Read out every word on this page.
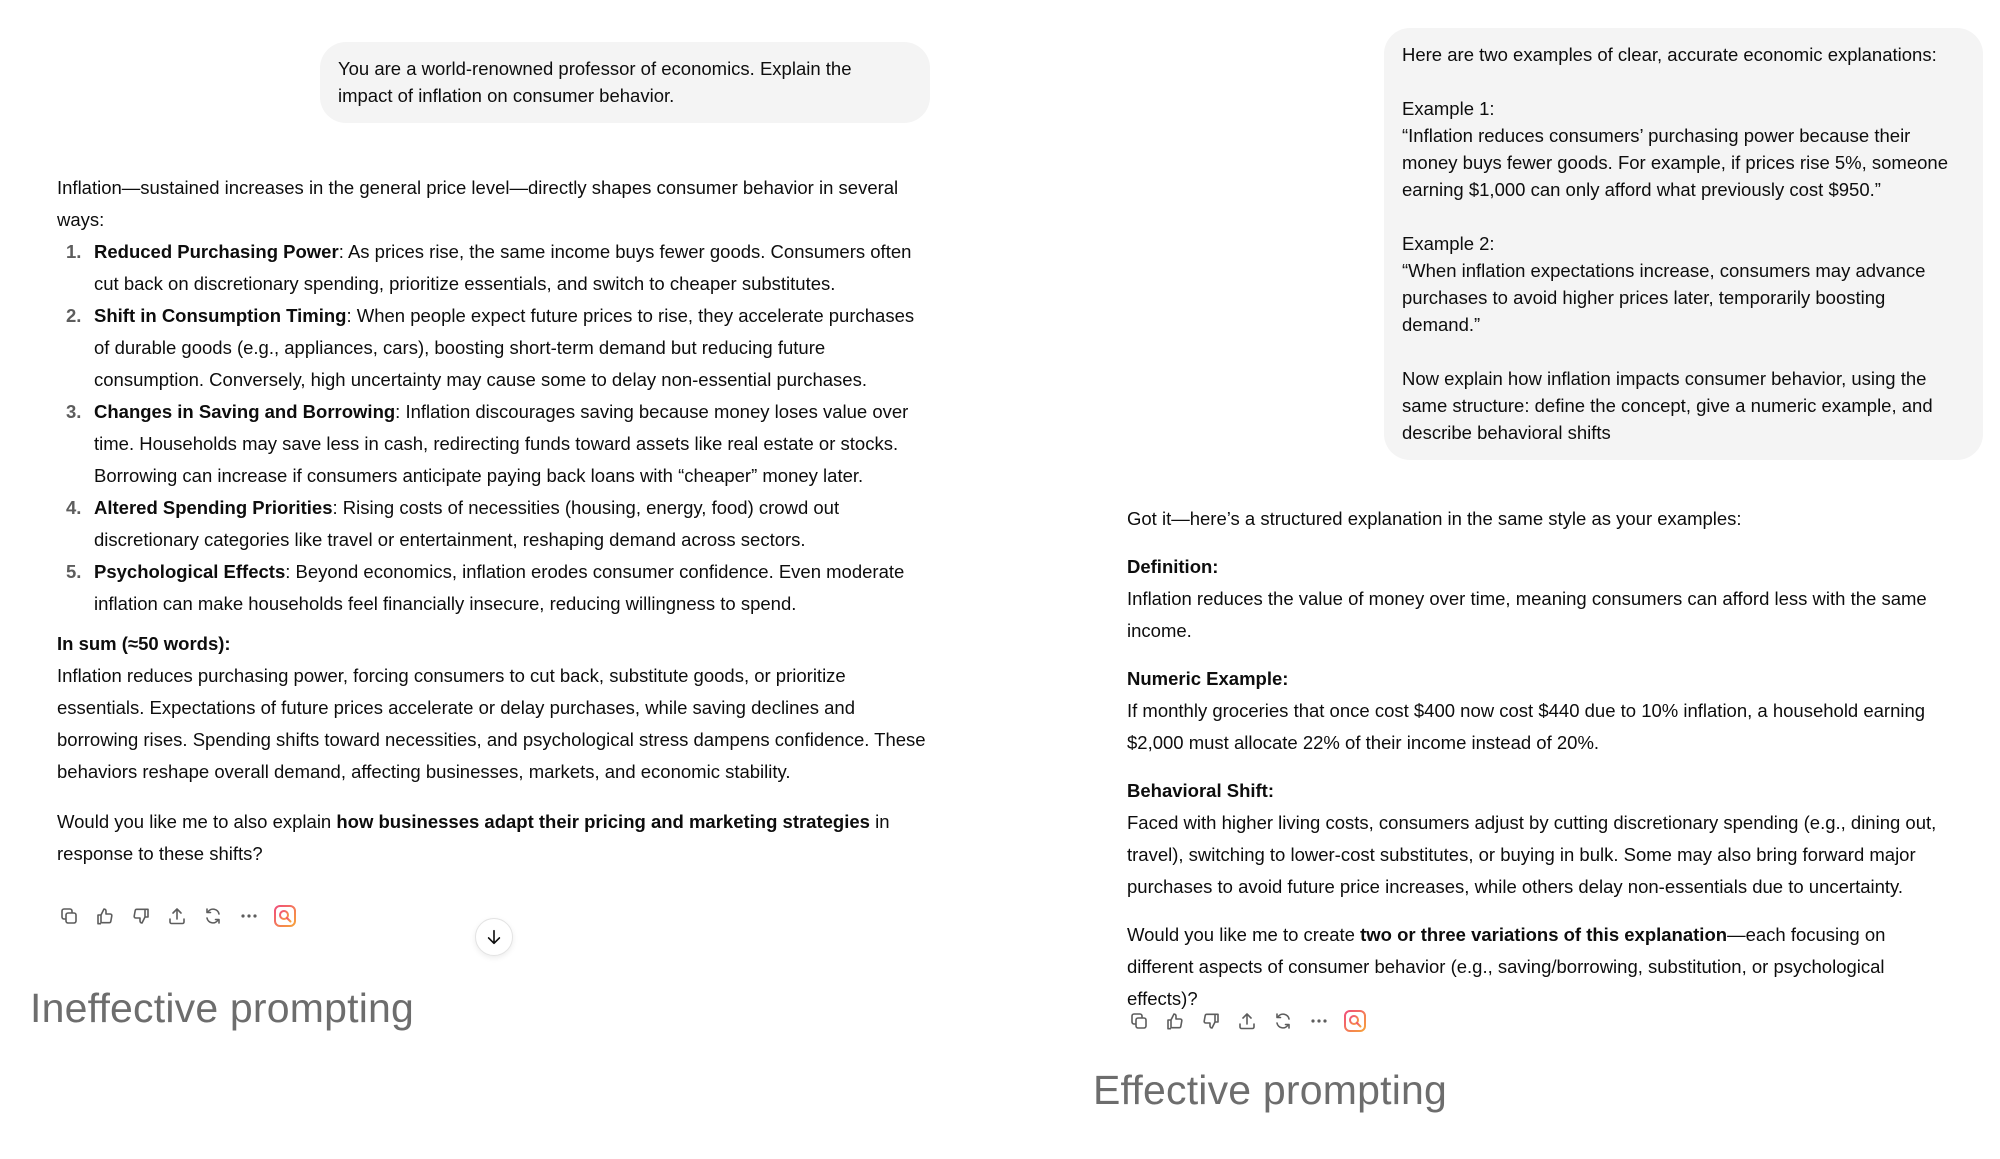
You are a world-renowned professor of economics. Explain the

impact of inflation on consumer behavior.

Inflation—sustained increases in the general price level—directly shapes consumer behavior in several ways:

Reduced Purchasing Power: As prices rise, the same income buys fewer goods. Consumers often cut back on discretionary spending, prioritize essentials, and switch to cheaper substitutes.
Shift in Consumption Timing: When people expect future prices to rise, they accelerate purchases of durable goods (e.g., appliances, cars), boosting short-term demand but reducing future consumption. Conversely, high uncertainty may cause some to delay non-essential purchases.
Changes in Saving and Borrowing: Inflation discourages saving because money loses value over time. Households may save less in cash, redirecting funds toward assets like real estate or stocks. Borrowing can increase if consumers anticipate paying back loans with “cheaper” money later.
Altered Spending Priorities: Rising costs of necessities (housing, energy, food) crowd out discretionary categories like travel or entertainment, reshaping demand across sectors.
Psychological Effects: Beyond economics, inflation erodes consumer confidence. Even moderate inflation can make households feel financially insecure, reducing willingness to spend.

In sum (≈50 words):

Inflation reduces purchasing power, forcing consumers to cut back, substitute goods, or prioritize essentials. Expectations of future prices accelerate or delay purchases, while saving declines and borrowing rises. Spending shifts toward necessities, and psychological stress dampens confidence. These behaviors reshape overall demand, affecting businesses, markets, and economic stability.

Would you like me to also explain how businesses adapt their pricing and marketing strategies in response to these shifts?

Ineffective prompting

Here are two examples of clear, accurate economic explanations:

Example 1:

“Inflation reduces consumers’ purchasing power because their money buys fewer goods. For example, if prices rise 5%, someone earning $1,000 can only afford what previously cost $950.”

Example 2:

“When inflation expectations increase, consumers may advance purchases to avoid higher prices later, temporarily boosting demand.”

Now explain how inflation impacts consumer behavior, using the same structure: define the concept, give a numeric example, and describe behavioral shifts

Got it—here’s a structured explanation in the same style as your examples:

Definition:

Inflation reduces the value of money over time, meaning consumers can afford less with the same income.

Numeric Example:

If monthly groceries that once cost $400 now cost $440 due to 10% inflation, a household earning $2,000 must allocate 22% of their income instead of 20%.

Behavioral Shift:

Faced with higher living costs, consumers adjust by cutting discretionary spending (e.g., dining out, travel), switching to lower-cost substitutes, or buying in bulk. Some may also bring forward major purchases to avoid future price increases, while others delay non-essentials due to uncertainty.

Would you like me to create two or three variations of this explanation—each focusing on different aspects of consumer behavior (e.g., saving/borrowing, substitution, or psychological effects)?

Effective prompting
